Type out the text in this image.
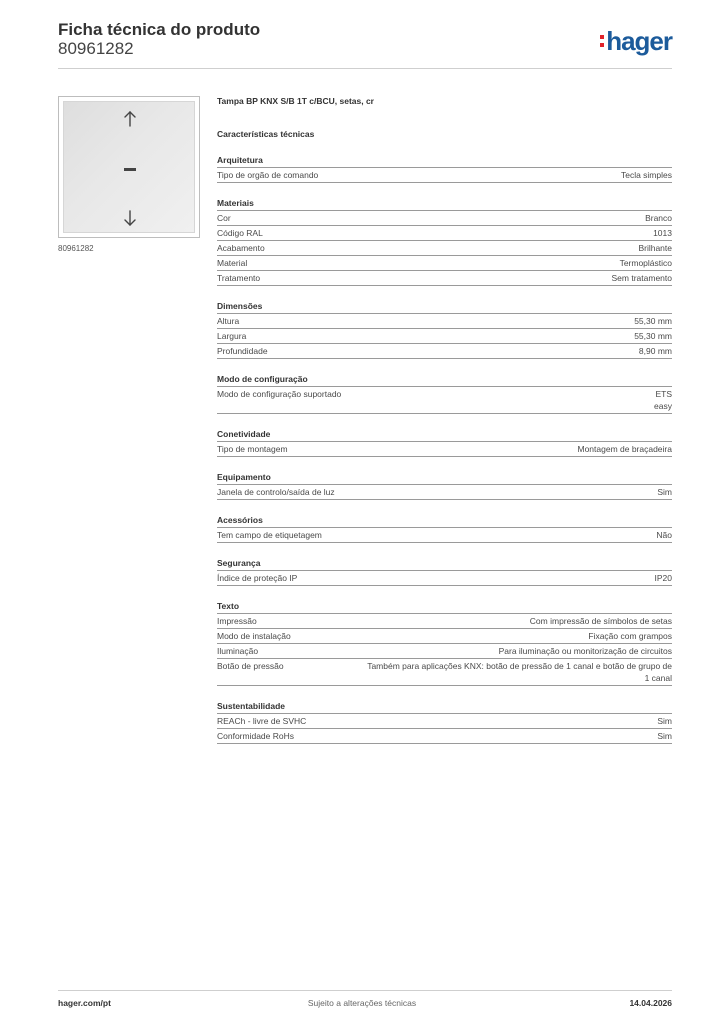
Ficha técnica do produto
80961282	hager
80961282
Tampa BP KNX S/B 1T c/BCU, setas, cr
Características técnicas
Arquitetura
Tipo de orgão de comando	Tecla simples
Materiais
Cor	Branco
Código RAL	1013
Acabamento	Brilhante
Material	Termoplástico
Tratamento	Sem tratamento
Dimensões
Altura	55,30 mm
Largura	55,30 mm
Profundidade	8,90 mm
Modo de configuração
Modo de configuração suportado	ETS
easy
Conetividade
Tipo de montagem	Montagem de braçadeira
Equipamento
Janela de controlo/saída de luz	Sim
Acessórios
Tem campo de etiquetagem	Não
Segurança
Índice de proteção IP	IP20
Texto
Impressão	Com impressão de símbolos de setas
Modo de instalação	Fixação com grampos
Iluminação	Para iluminação ou monitorização de circuitos
Botão de pressão	Também para aplicações KNX: botão de pressão de 1 canal e botão de grupo de 1 canal
Sustentabilidade
REACh - livre de SVHC	Sim
Conformidade RoHs	Sim
hager.com/pt	Sujeito a alterações técnicas	14.04.2026
